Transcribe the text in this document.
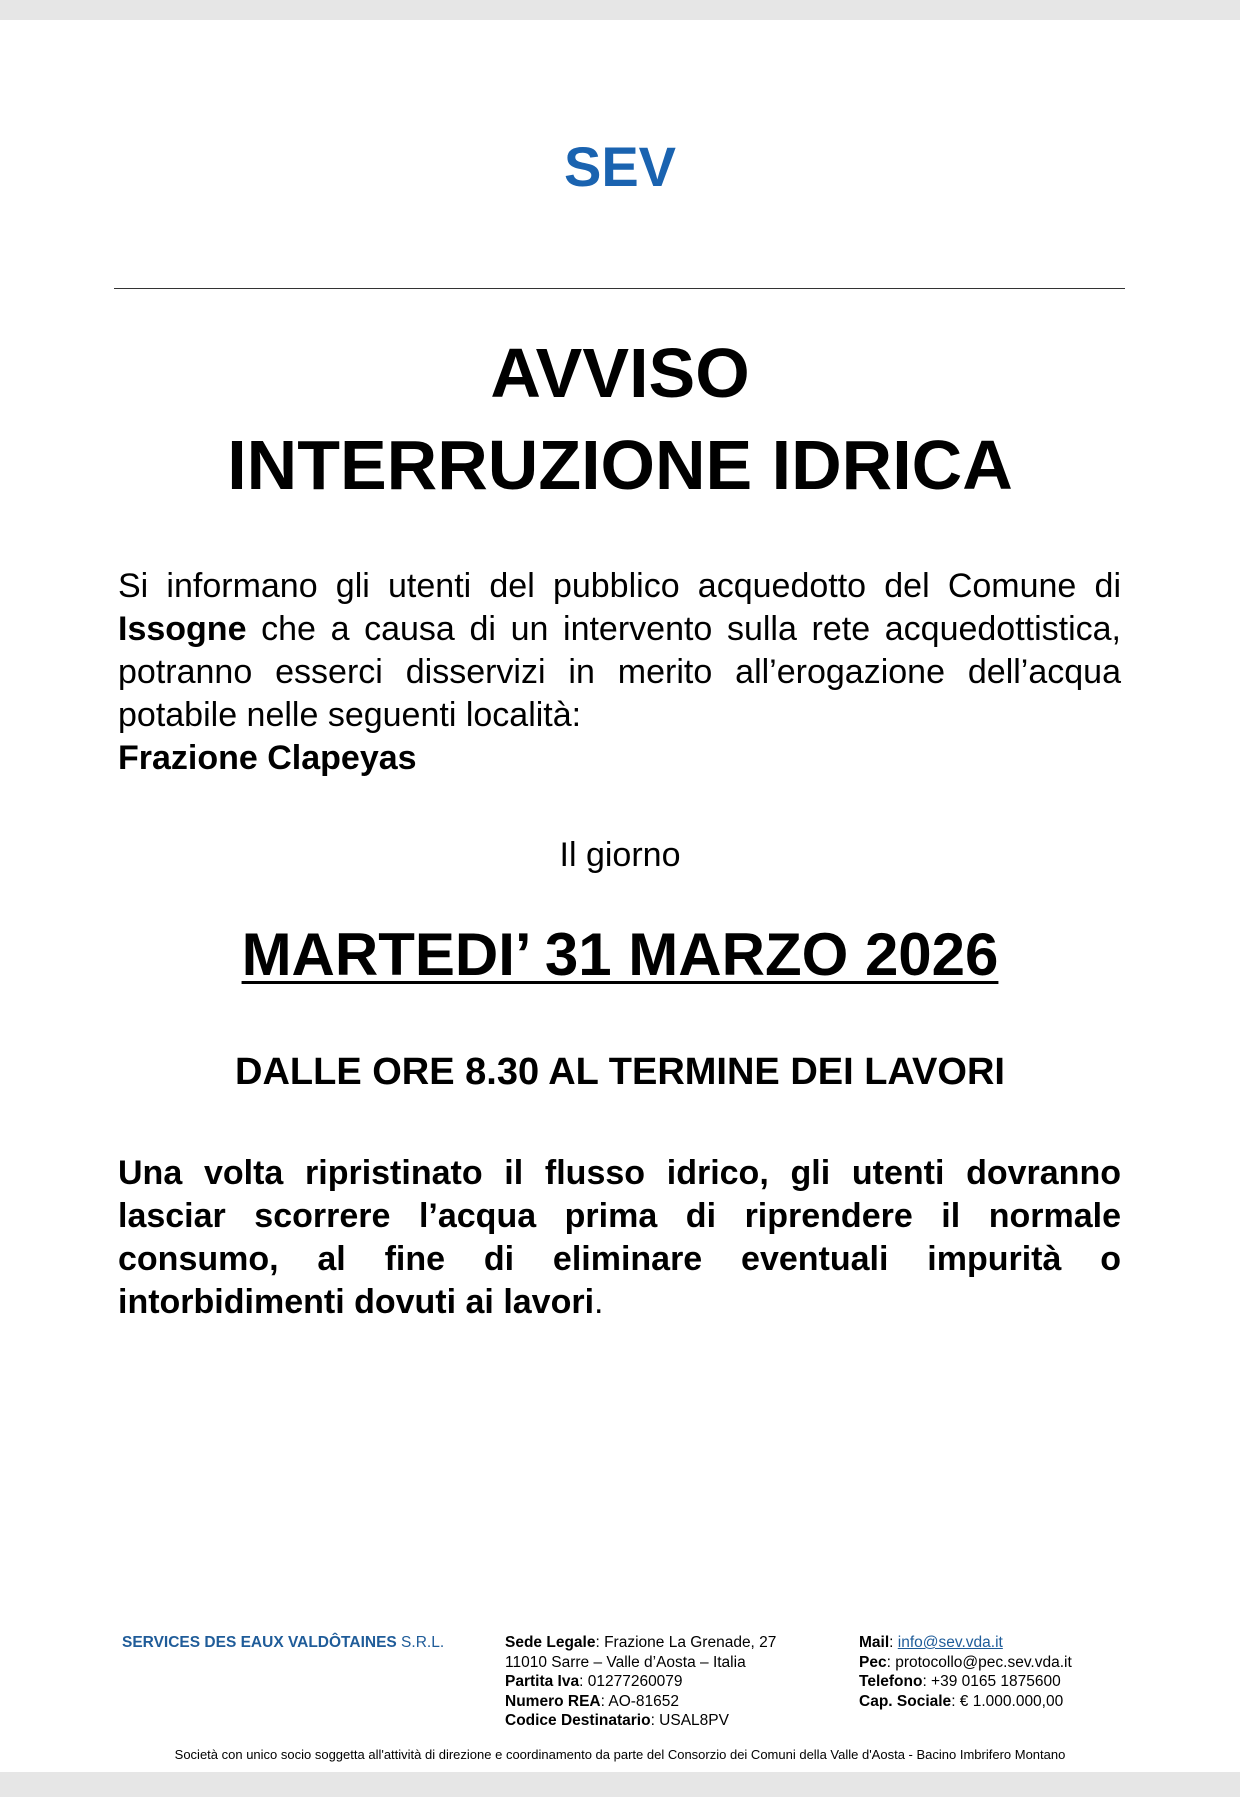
SEV
AVVISO
INTERRUZIONE IDRICA
Si informano gli utenti del pubblico acquedotto del Comune di Issogne che a causa di un intervento sulla rete acquedottistica, potranno esserci disservizi in merito all’erogazione dell’acqua potabile nelle seguenti località:
Frazione Clapeyas
Il giorno
MARTEDI’ 31 MARZO 2026
DALLE ORE 8.30 AL TERMINE DEI LAVORI
Una volta ripristinato il flusso idrico, gli utenti dovranno lasciar scorrere l’acqua prima di riprendere il normale consumo, al fine di eliminare eventuali impurità o intorbidimenti dovuti ai lavori.
SERVICES DES EAUX VALDÔTAINES S.R.L.	Sede Legale: Frazione La Grenade, 27
11010 Sarre – Valle d’Aosta – Italia
Partita Iva: 01277260079
Numero REA: AO-81652
Codice Destinatario: USAL8PV
Mail: info@sev.vda.it
Pec: protocollo@pec.sev.vda.it
Telefono: +39 0165 1875600
Cap. Sociale: € 1.000.000,00
Società con unico socio soggetta all'attività di direzione e coordinamento da parte del Consorzio dei Comuni della Valle d'Aosta - Bacino Imbrifero Montano
